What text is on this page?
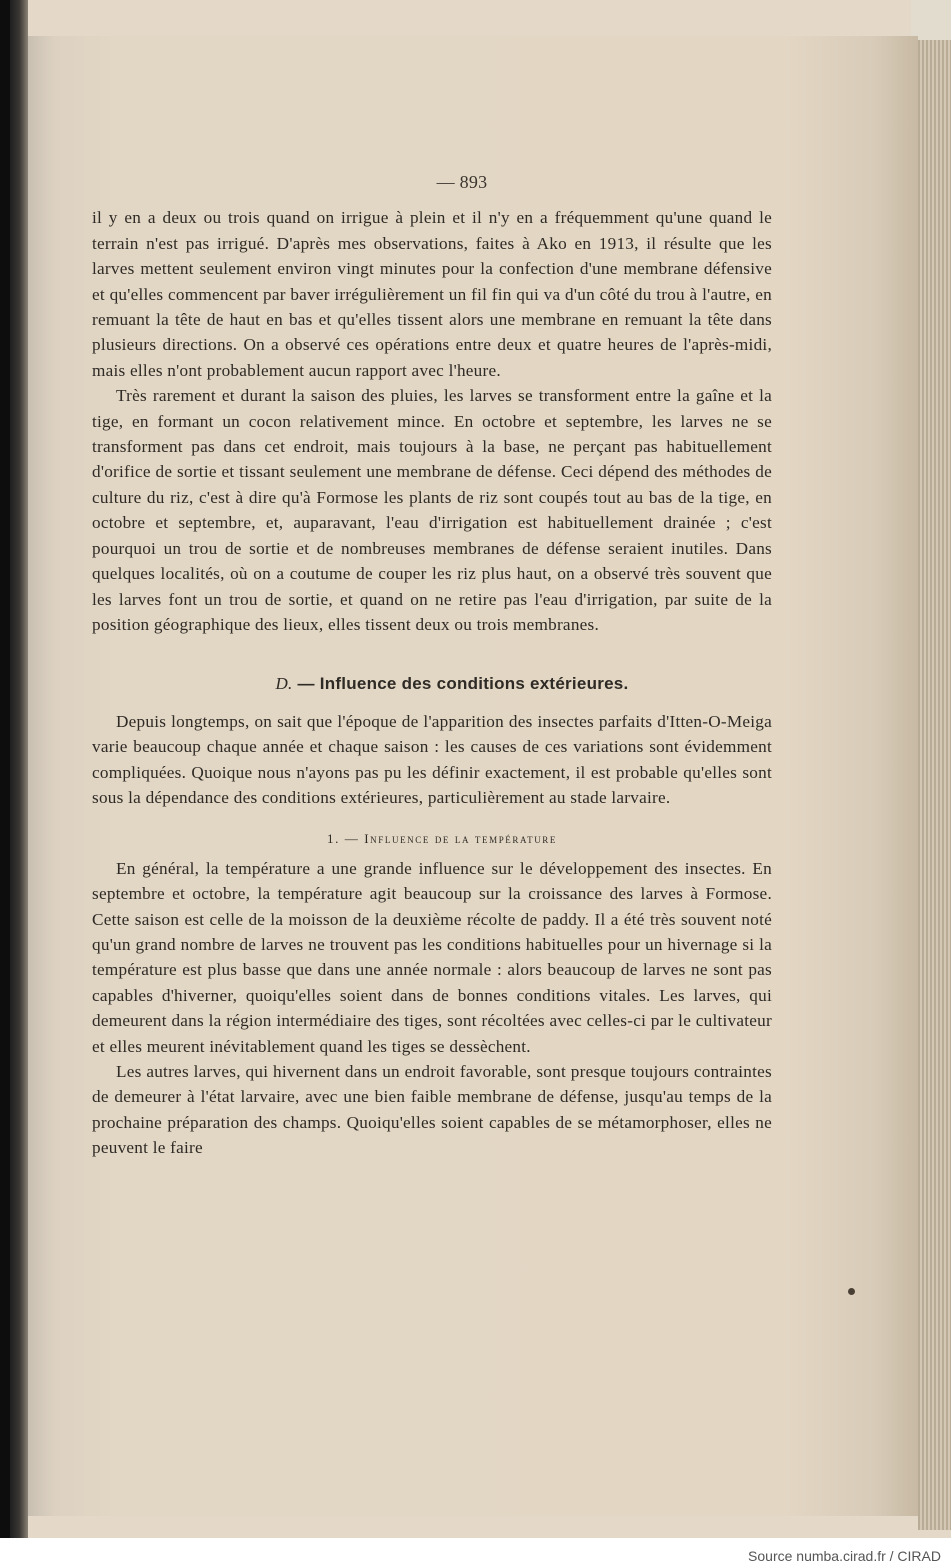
— 893

il y en a deux ou trois quand on irrigue à plein et il n'y en a fréquemment qu'une quand le terrain n'est pas irrigué. D'après mes observations, faites à Ako en 1913, il résulte que les larves mettent seulement environ vingt minutes pour la confection d'une membrane défensive et qu'elles commencent par baver irrégulièrement un fil fin qui va d'un côté du trou à l'autre, en remuant la tête de haut en bas et qu'elles tissent alors une membrane en remuant la tête dans plusieurs directions. On a observé ces opérations entre deux et quatre heures de l'après-midi, mais elles n'ont probablement aucun rapport avec l'heure.

Très rarement et durant la saison des pluies, les larves se transforment entre la gaîne et la tige, en formant un cocon relativement mince. En octobre et septembre, les larves ne se transforment pas dans cet endroit, mais toujours à la base, ne perçant pas habituellement d'orifice de sortie et tissant seulement une membrane de défense. Ceci dépend des méthodes de culture du riz, c'est à dire qu'à Formose les plants de riz sont coupés tout au bas de la tige, en octobre et septembre, et, auparavant, l'eau d'irrigation est habituellement drainée ; c'est pourquoi un trou de sortie et de nombreuses membranes de défense seraient inutiles. Dans quelques localités, où on a coutume de couper les riz plus haut, on a observé très souvent que les larves font un trou de sortie, et quand on ne retire pas l'eau d'irrigation, par suite de la position géographique des lieux, elles tissent deux ou trois membranes.

D. — Influence des conditions extérieures.

Depuis longtemps, on sait que l'époque de l'apparition des insectes parfaits d'Itten-O-Meiga varie beaucoup chaque année et chaque saison : les causes de ces variations sont évidemment compliquées. Quoique nous n'ayons pas pu les définir exactement, il est probable qu'elles sont sous la dépendance des conditions extérieures, particulièrement au stade larvaire.

1. — Influence de la température

En général, la température a une grande influence sur le développement des insectes. En septembre et octobre, la température agit beaucoup sur la croissance des larves à Formose. Cette saison est celle de la moisson de la deuxième récolte de paddy. Il a été très souvent noté qu'un grand nombre de larves ne trouvent pas les conditions habituelles pour un hivernage si la température est plus basse que dans une année normale : alors beaucoup de larves ne sont pas capables d'hiverner, quoiqu'elles soient dans de bonnes conditions vitales. Les larves, qui demeurent dans la région intermédiaire des tiges, sont récoltées avec celles-ci par le cultivateur et elles meurent inévitablement quand les tiges se dessèchent.

Les autres larves, qui hivernent dans un endroit favorable, sont presque toujours contraintes de demeurer à l'état larvaire, avec une bien faible membrane de défense, jusqu'au temps de la prochaine préparation des champs. Quoiqu'elles soient capables de se métamorphoser, elles ne peuvent le faire

Source numba.cirad.fr / CIRAD
